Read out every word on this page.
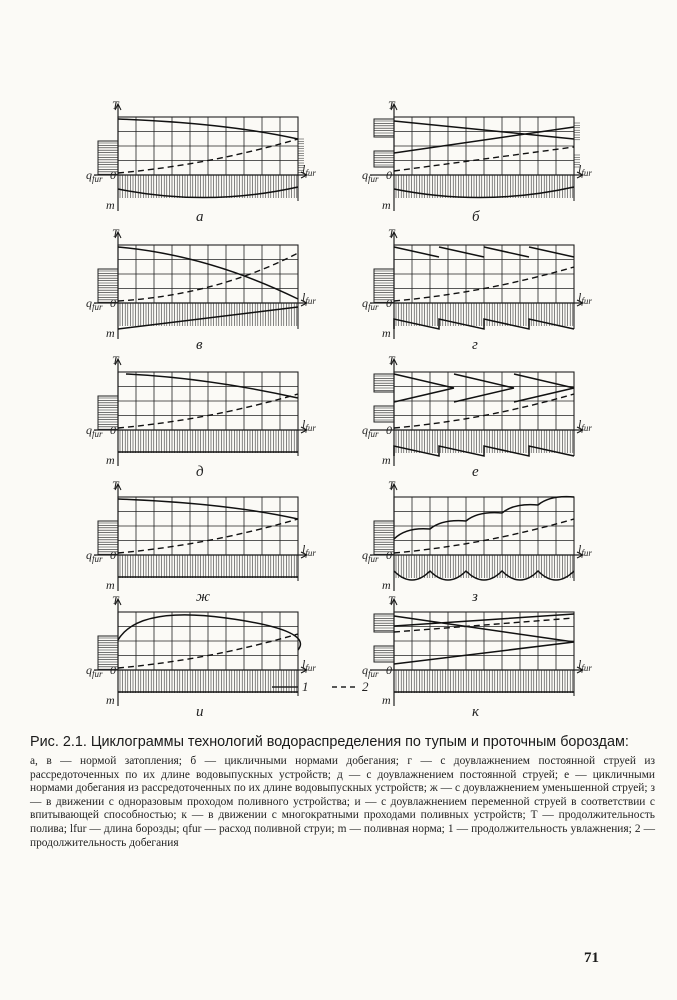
T
$q_{fur}$ 0
m
$l_{fur}$
а
T
$q_{fur}$ 0
m
$l_{fur}$
б
T
$q_{fur}$ 0
m
$l_{fur}$
в
T
$q_{fur}$ 0
m
$l_{fur}$
г
T
$q_{fur}$ 0
m
$l_{fur}$
д
T
$q_{fur}$ 0
m
$l_{fur}$
е
T
$q_{fur}$ 0
m
$l_{fur}$
ж
T
$q_{fur}$ 0
m
$l_{fur}$
з
T
$q_{fur}$ 0
m
$l_{fur}$
и
T
$q_{fur}$ 0
m
$l_{fur}$
к
1	2

Рис. 2.1. Циклограммы технологий водораспределения по тупым и проточным бороздам:

а, в — нормой затопления; б — цикличными нормами добегания; г — с доувлажнением постоянной струей из рассредоточенных по их длине водовыпускных устройств; д — с доувлажнением постоянной струей; е — цикличными нормами добегания из рассредоточенных по их длине водовыпускных устройств; ж — с доувлажнением уменьшенной струей; з — в движении с одноразовым проходом поливного устройства; и — с доувлажнением переменной струей в соответствии с впитывающей способностью; к — в движении с многократными проходами поливных устройств; T — продолжительность полива; lfur — длина борозды; qfur — расход поливной струи; m — поливная норма; 1 — продолжительность увлажнения; 2 — продолжительность добегания

71
